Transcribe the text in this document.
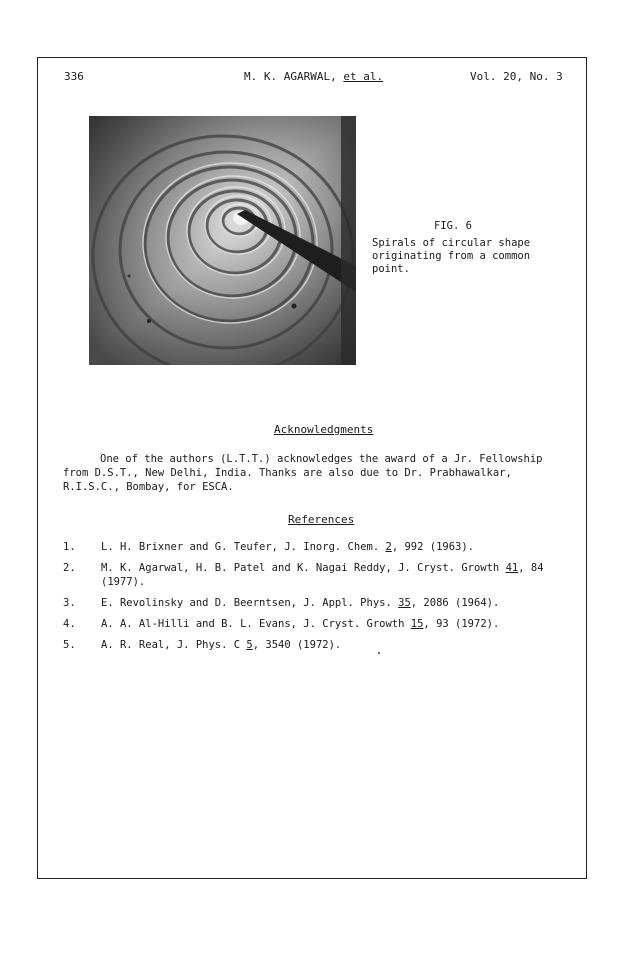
336	M. K. AGARWAL, et al.	Vol. 20, No. 3
FIG. 6
Spirals of circular shape originating from a common point.
Acknowledgments
One of the authors (L.T.T.) acknowledges the award of a Jr. Fellowship
from D.S.T., New Delhi, India. Thanks are also due to Dr. Prabhawalkar,
R.I.S.C., Bombay, for ESCA.
References
1.	L. H. Brixner and G. Teufer, J. Inorg. Chem. 2, 992 (1963).
2.	M. K. Agarwal, H. B. Patel and K. Nagai Reddy, J. Cryst. Growth 41, 84 (1977).
3.	E. Revolinsky and D. Beerntsen, J. Appl. Phys. 35, 2086 (1964).
4.	A. A. Al-Hilli and B. L. Evans, J. Cryst. Growth 15, 93 (1972).
5.	A. R. Real, J. Phys. C 5, 3540 (1972).
